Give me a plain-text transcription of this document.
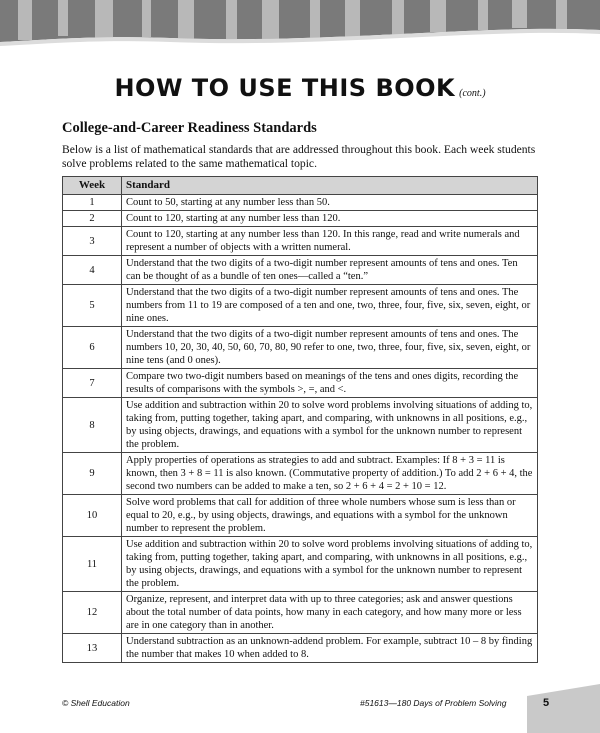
HOW TO USE THIS BOOK (cont.)
College-and-Career Readiness Standards
Below is a list of mathematical standards that are addressed throughout this book. Each week students solve problems related to the same mathematical topic.
Week	Standard
1	Count to 50, starting at any number less than 50.
2	Count to 120, starting at any number less than 120.
3	Count to 120, starting at any number less than 120. In this range, read and write numerals and represent a number of objects with a written numeral.
4	Understand that the two digits of a two-digit number represent amounts of tens and ones. Ten can be thought of as a bundle of ten ones—called a “ten.”
5	Understand that the two digits of a two-digit number represent amounts of tens and ones. The numbers from 11 to 19 are composed of a ten and one, two, three, four, five, six, seven, eight, or nine ones.
6	Understand that the two digits of a two-digit number represent amounts of tens and ones. The numbers 10, 20, 30, 40, 50, 60, 70, 80, 90 refer to one, two, three, four, five, six, seven, eight, or nine tens (and 0 ones).
7	Compare two two-digit numbers based on meanings of the tens and ones digits, recording the results of comparisons with the symbols >, =, and <.
8	Use addition and subtraction within 20 to solve word problems involving situations of adding to, taking from, putting together, taking apart, and comparing, with unknowns in all positions, e.g., by using objects, drawings, and equations with a symbol for the unknown number to represent the problem.
9	Apply properties of operations as strategies to add and subtract. Examples: If 8 + 3 = 11 is known, then 3 + 8 = 11 is also known. (Commutative property of addition.) To add 2 + 6 + 4, the second two numbers can be added to make a ten, so 2 + 6 + 4 = 2 + 10 = 12.
10	Solve word problems that call for addition of three whole numbers whose sum is less than or equal to 20, e.g., by using objects, drawings, and equations with a symbol for the unknown number to represent the problem.
11	Use addition and subtraction within 20 to solve word problems involving situations of adding to, taking from, putting together, taking apart, and comparing, with unknowns in all positions, e.g., by using objects, drawings, and equations with a symbol for the unknown number to represent the problem.
12	Organize, represent, and interpret data with up to three categories; ask and answer questions about the total number of data points, how many in each category, and how many more or less are in one category than in another.
13	Understand subtraction as an unknown-addend problem. For example, subtract 10 – 8 by finding the number that makes 10 when added to 8.
© Shell Education	#51613—180 Days of Problem Solving	5
